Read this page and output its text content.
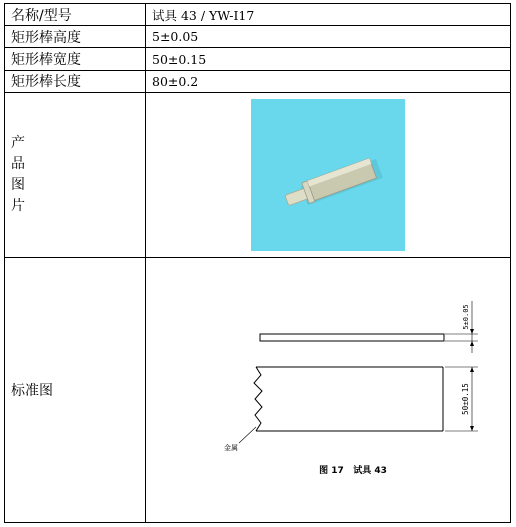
名称/型号	试具 43 / YW-I17
矩形棒高度	5±0.05
矩形棒宽度	50±0.15
矩形棒长度	80±0.2

产
品
图
片

标准图	5±0.05
50±0.15
金属
图 17   试具 43
